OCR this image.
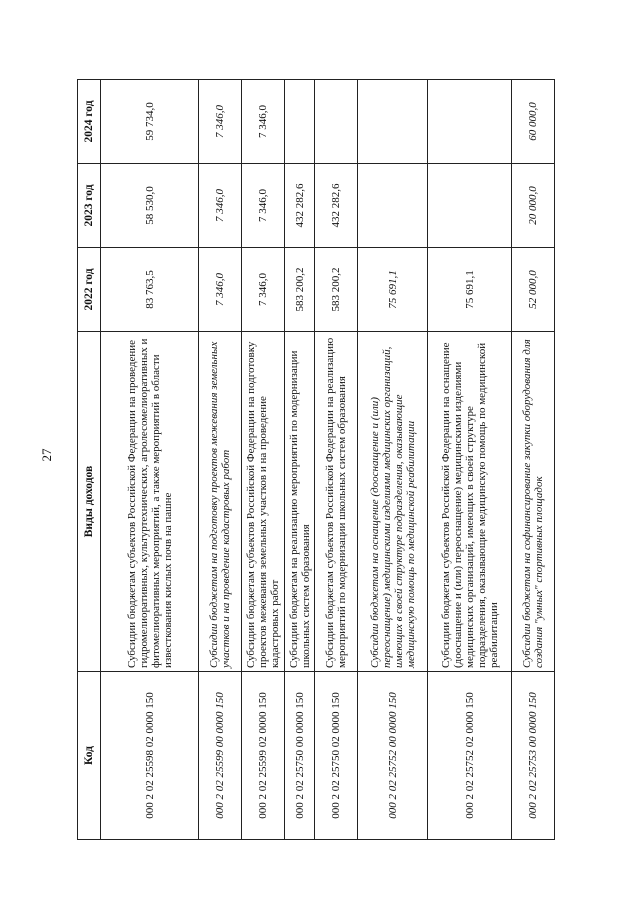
27
Код	Виды доходов	2022 год	2023 год	2024 год
000 2 02 25598 02 0000 150	Субсидии бюджетам субъектов Российской Федерации на проведение гидромелиоративных, культуртехнических, агролесомелиоративных и фитомелиоративных мероприятий, а также мероприятий в области известкования кислых почв на пашне	83 763,5	58 530,0	59 734,0
000 2 02 25599 00 0000 150	Субсидии бюджетам на подготовку проектов межевания земельных участков и на проведение кадастровых работ	7 346,0	7 346,0	7 346,0
000 2 02 25599 02 0000 150	Субсидии бюджетам субъектов Российской Федерации на подготовку проектов межевания земельных участков и на проведение кадастровых работ	7 346,0	7 346,0	7 346,0
000 2 02 25750 00 0000 150	Субсидии бюджетам на реализацию мероприятий по модернизации школьных систем образования	583 200,2	432 282,6	
000 2 02 25750 02 0000 150	Субсидии бюджетам субъектов Российской Федерации на реализацию мероприятий по модернизации школьных систем образования	583 200,2	432 282,6	
000 2 02 25752 00 0000 150	Субсидии бюджетам на оснащение (дооснащение и (или) переоснащение) медицинскими изделиями медицинских организаций, имеющих в своей структуре подразделения, оказывающие медицинскую помощь по медицинской реабилитации	75 691,1		
000 2 02 25752 02 0000 150	Субсидии бюджетам субъектов Российской Федерации на оснащение (дооснащение и (или) переоснащение) медицинскими изделиями медицинских организаций, имеющих в своей структуре подразделения, оказывающие медицинскую помощь по медицинской реабилитации	75 691,1		
000 2 02 25753 00 0000 150	Субсидии бюджетам на софинансирование закупки оборудования для создания "умных" спортивных площадок	52 000,0	20 000,0	60 000,0
